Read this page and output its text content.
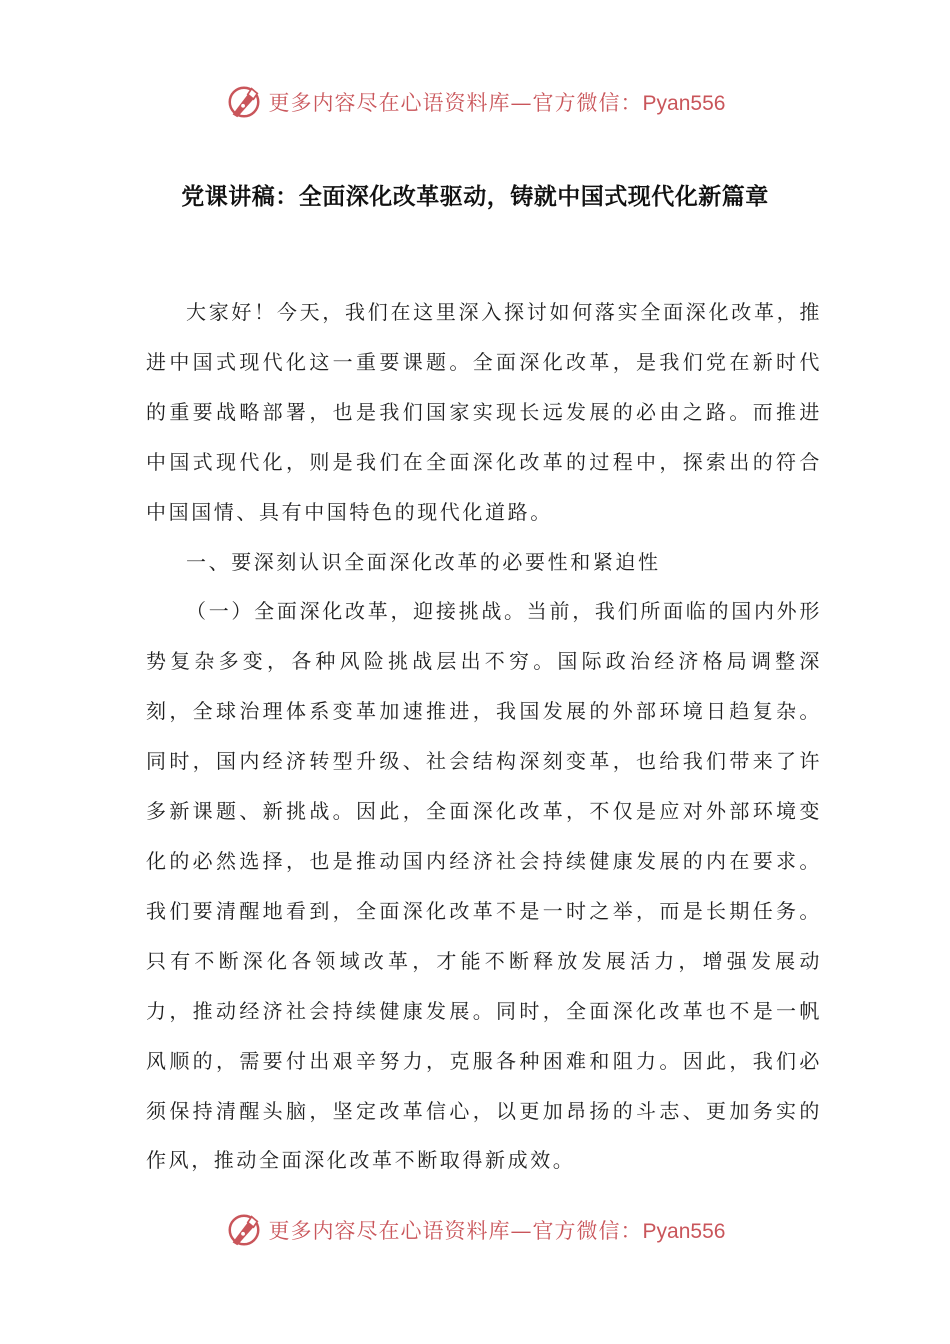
更多内容尽在心语资料库—官方微信：Pyan556
党课讲稿：全面深化改革驱动，铸就中国式现代化新篇章

大家好！今天，我们在这里深入探讨如何落实全面深化改革，推进中国式现代化这一重要课题。全面深化改革，是我们党在新时代的重要战略部署，也是我们国家实现长远发展的必由之路。而推进中国式现代化，则是我们在全面深化改革的过程中，探索出的符合中国国情、具有中国特色的现代化道路。

一、要深刻认识全面深化改革的必要性和紧迫性

（一）全面深化改革，迎接挑战。当前，我们所面临的国内外形势复杂多变，各种风险挑战层出不穷。国际政治经济格局调整深刻，全球治理体系变革加速推进，我国发展的外部环境日趋复杂。同时，国内经济转型升级、社会结构深刻变革，也给我们带来了许多新课题、新挑战。因此，全面深化改革，不仅是应对外部环境变化的必然选择，也是推动国内经济社会持续健康发展的内在要求。我们要清醒地看到，全面深化改革不是一时之举，而是长期任务。只有不断深化各领域改革，才能不断释放发展活力，增强发展动力，推动经济社会持续健康发展。同时，全面深化改革也不是一帆风顺的，需要付出艰辛努力，克服各种困难和阻力。因此，我们必须保持清醒头脑，坚定改革信心，以更加昂扬的斗志、更加务实的作风，推动全面深化改革不断取得新成效。

更多内容尽在心语资料库—官方微信：Pyan556
